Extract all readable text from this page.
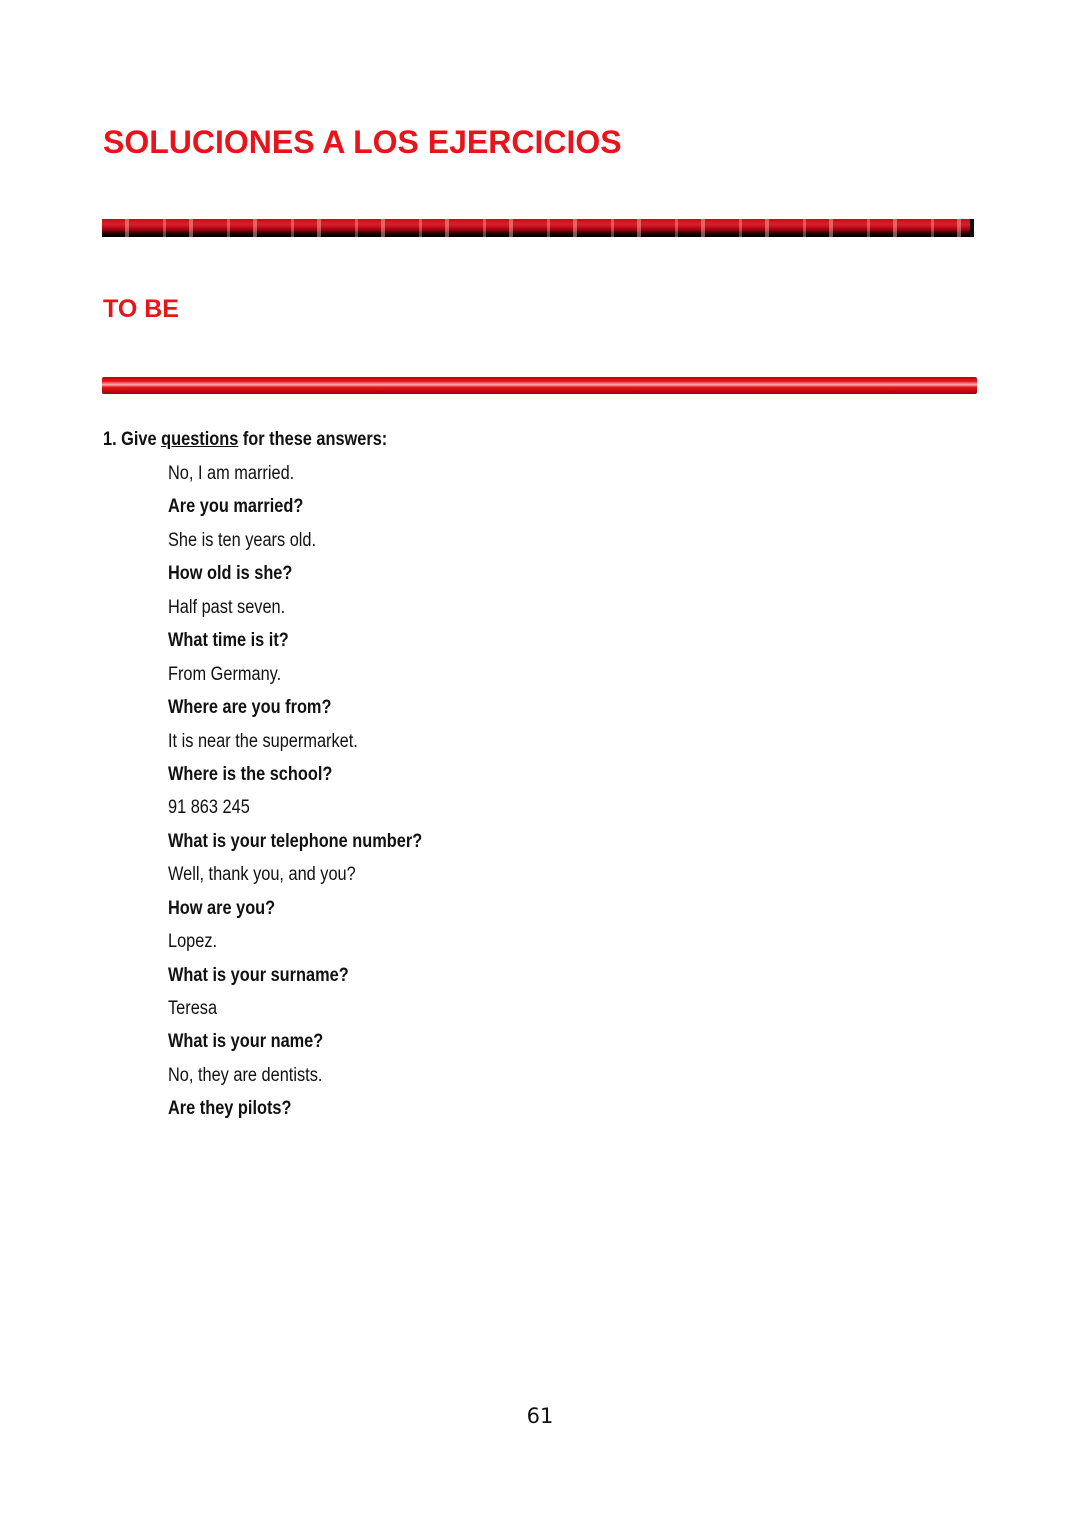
SOLUCIONES A LOS EJERCICIOS
TO BE
1. Give questions for these answers:
No, I am married.
Are you married?
She is ten years old.
How old is she?
Half past seven.
What time is it?
From Germany.
Where are you from?
It is near the supermarket.
Where is the school?
91 863 245
What is your telephone number?
Well, thank you, and you?
How are you?
Lopez.
What is your surname?
Teresa
What is your name?
No, they are dentists.
Are they pilots?
61
